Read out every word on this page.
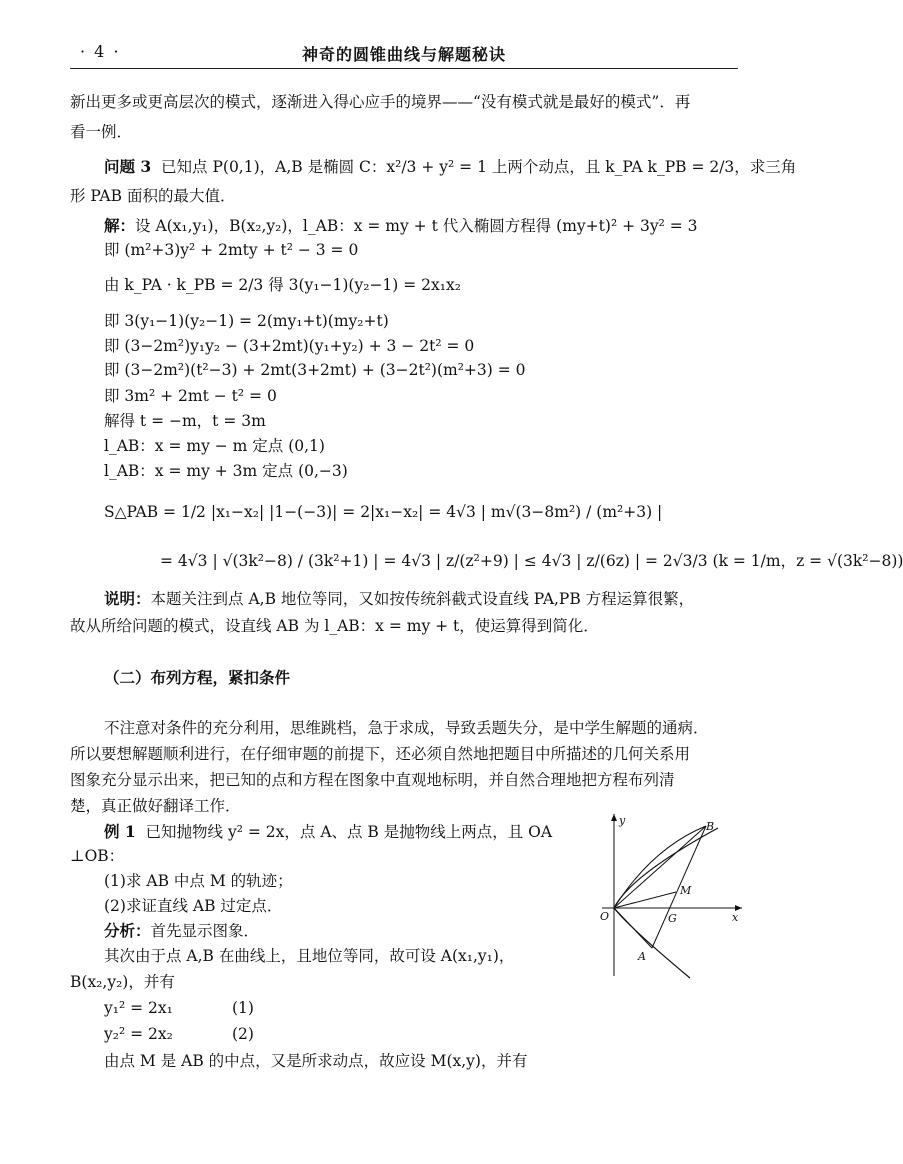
· 4 ·	神奇的圆锥曲线与解题秘诀
新出更多或更高层次的模式，逐渐进入得心应手的境界——“没有模式就是最好的模式”．再
看一例．
问题 3 已知点 P(0,1)，A,B 是椭圆 C：x²/3 + y² = 1 上两个动点，且 k_PA k_PB = 2/3，求三角
形 PAB 面积的最大值．
解：设 A(x₁,y₁)，B(x₂,y₂)，l_AB：x = my + t 代入椭圆方程得 (my+t)² + 3y² = 3
即 (m²+3)y² + 2mty + t² − 3 = 0
由 k_PA · k_PB = 2/3 得 3(y₁−1)(y₂−1) = 2x₁x₂
即 3(y₁−1)(y₂−1) = 2(my₁+t)(my₂+t)
即 (3−2m²)y₁y₂ − (3+2mt)(y₁+y₂) + 3 − 2t² = 0
即 (3−2m²)(t²−3) + 2mt(3+2mt) + (3−2t²)(m²+3) = 0
即 3m² + 2mt − t² = 0
解得 t = −m，t = 3m
l_AB：x = my − m 定点 (0,1)
l_AB：x = my + 3m 定点 (0,−3)
S△PAB = 1/2 |x₁−x₂| |1−(−3)| = 2|x₁−x₂| = 4√3 | m√(3−8m²) / (m²+3) |
= 4√3 | √(3k²−8) / (3k²+1) | = 4√3 | z/(z²+9) | ≤ 4√3 | z/(6z) | = 2√3/3 (k = 1/m，z = √(3k²−8))
说明：本题关注到点 A,B 地位等同，又如按传统斜截式设直线 PA,PB 方程运算很繁，
故从所给问题的模式，设直线 AB 为 l_AB：x = my + t，使运算得到简化．
（二）布列方程，紧扣条件
不注意对条件的充分利用，思维跳档，急于求成，导致丢题失分，是中学生解题的通病．
所以要想解题顺利进行，在仔细审题的前提下，还必须自然地把题目中所描述的几何关系用
图象充分显示出来，把已知的点和方程在图象中直观地标明，并自然合理地把方程布列清
楚，真正做好翻译工作．
例 1 已知抛物线 y² = 2x，点 A、点 B 是抛物线上两点，且 OA
⊥OB：
(1)求 AB 中点 M 的轨迹；
(2)求证直线 AB 过定点．
分析：首先显示图象．
其次由于点 A,B 在曲线上，且地位等同，故可设 A(x₁,y₁)，
B(x₂,y₂)，并有
y₁² = 2x₁	(1)
y₂² = 2x₂	(2)
由点 M 是 AB 的中点，又是所求动点，故应设 M(x,y)，并有
y
x
O
B
M
G
A
